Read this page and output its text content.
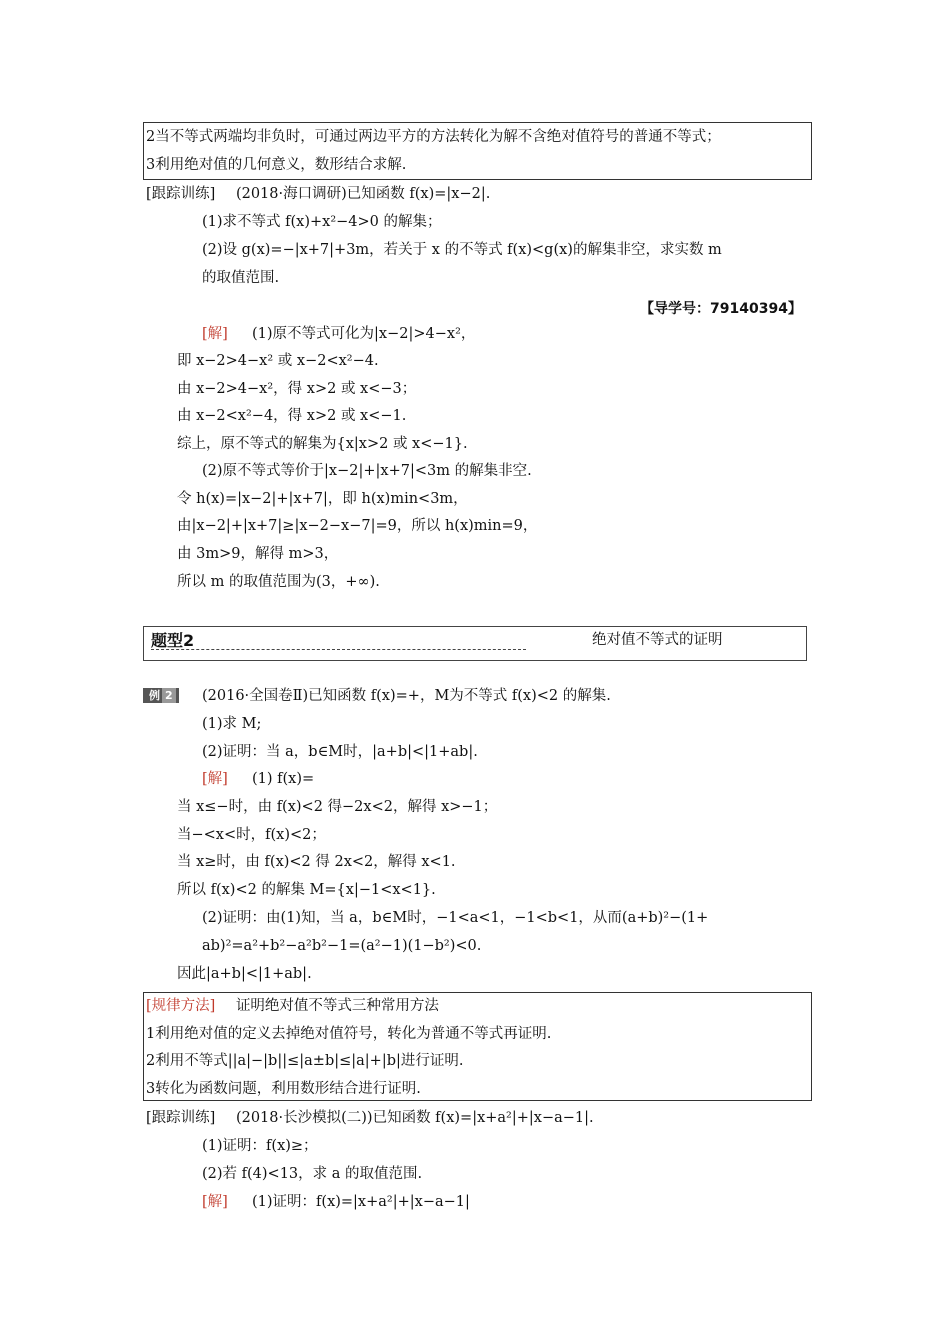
2当不等式两端均非负时，可通过两边平方的方法转化为解不含绝对值符号的普通不等式；
3利用绝对值的几何意义，数形结合求解.
[跟踪训练] (2018·海口调研)已知函数 f(x)=|x−2|.
(1)求不等式 f(x)+x²−4>0 的解集；
(2)设 g(x)=−|x+7|+3m，若关于 x 的不等式 f(x)<g(x)的解集非空，求实数 m
的取值范围.
【导学号：79140394】
[解] (1)原不等式可化为|x−2|>4−x²，
即 x−2>4−x² 或 x−2<x²−4.
由 x−2>4−x²，得 x>2 或 x<−3；
由 x−2<x²−4，得 x>2 或 x<−1.
综上，原不等式的解集为{x|x>2 或 x<−1}.
(2)原不等式等价于|x−2|+|x+7|<3m 的解集非空.
令 h(x)=|x−2|+|x+7|，即 h(x)min<3m，
由|x−2|+|x+7|≥|x−2−x−7|=9，所以 h(x)min=9，
由 3m>9，解得 m>3，
所以 m 的取值范围为(3，+∞).
题型2	绝对值不等式的证明
例 2	(2016·全国卷Ⅱ)已知函数 f(x)=+，M为不等式 f(x)<2 的解集.
(1)求 M;
(2)证明：当 a，b∈M时，|a+b|<|1+ab|.
[解] (1) f(x)=
当 x≤−时，由 f(x)<2 得−2x<2，解得 x>−1；
当−<x<时，f(x)<2；
当 x≥时，由 f(x)<2 得 2x<2，解得 x<1.
所以 f(x)<2 的解集 M={x|−1<x<1}.
(2)证明：由(1)知，当 a，b∈M时，−1<a<1，−1<b<1，从而(a+b)²−(1+
ab)²=a²+b²−a²b²−1=(a²−1)(1−b²)<0.
因此|a+b|<|1+ab|.
[规律方法] 证明绝对值不等式三种常用方法
1利用绝对值的定义去掉绝对值符号，转化为普通不等式再证明.
2利用不等式||a|−|b||≤|a±b|≤|a|+|b|进行证明.
3转化为函数问题，利用数形结合进行证明.
[跟踪训练] (2018·长沙模拟(二))已知函数 f(x)=|x+a²|+|x−a−1|.
(1)证明：f(x)≥；
(2)若 f(4)<13，求 a 的取值范围.
[解] (1)证明：f(x)=|x+a²|+|x−a−1|
